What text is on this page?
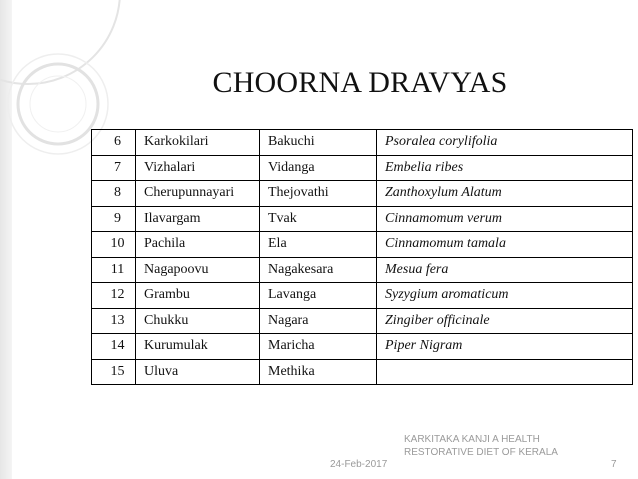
CHOORNA DRAVYAS
6	Karkokilari	Bakuchi	Psoralea corylifolia
7	Vizhalari	Vidanga	Embelia ribes
8	Cherupunnayari	Thejovathi	Zanthoxylum Alatum
9	Ilavargam	Tvak	Cinnamomum verum
10	Pachila	Ela	Cinnamomum tamala
11	Nagapoovu	Nagakesara	Mesua fera
12	Grambu	Lavanga	Syzygium aromaticum
13	Chukku	Nagara	Zingiber officinale
14	Kurumulak	Maricha	Piper Nigram
15	Uluva	Methika	
24-Feb-2017
KARKITAKA KANJI A HEALTH
RESTORATIVE DIET OF KERALA
7
